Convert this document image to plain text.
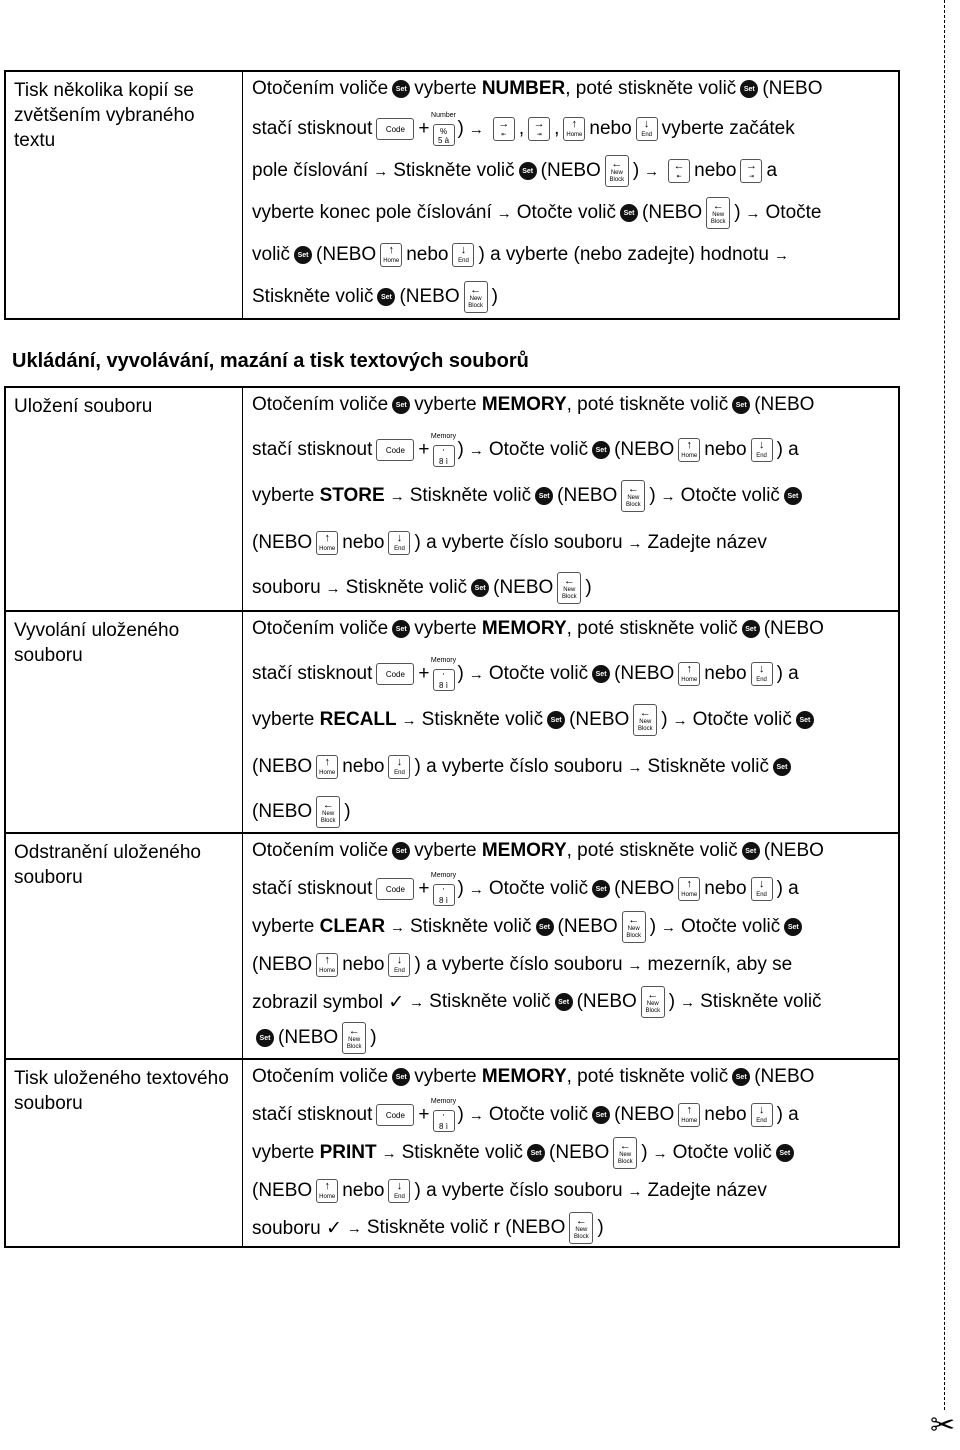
✂
Tisk několika kopií se zvětšením vybraného textu
Otočením voliče	Set vyberte NUMBER, poté stiskněte volič	Set (NEBO
stačí stisknout	Code +
Number
%
5 à
) →	→
⇤ , →
⇥ ,	↑
Home nebo	↓
End vyberte začátek
pole číslování → Stiskněte volič	Set (NEBO ←
New
Block ) →	←
⇤ nebo →
⇥ a
vyberte konec pole číslování → Otočte volič	Set (NEBO ←
New
Block ) → Otočte
volič	Set (NEBO	↑
Home nebo	↓
End ) a vyberte (nebo zadejte) hodnotu →
Stiskněte volič	Set (NEBO ←
New
Block )
Ukládání, vyvolávání, mazání a tisk textových souborů
Uložení souboru	Otočením voliče	Set vyberte MEMORY, poté tiskněte volič	Set (NEBO
stačí stisknout	Code +
Memory
'
8 ì
) → Otočte volič	Set (NEBO	↑
Home nebo	↓
End ) a
vyberte STORE → Stiskněte volič	Set (NEBO ←
New
Block ) → Otočte volič	Set
(NEBO	↑
Home nebo	↓
End ) a vyberte číslo souboru → Zadejte název
souboru → Stiskněte volič	Set (NEBO ←
New
Block )
Vyvolání uloženého souboru
Otočením voliče	Set vyberte MEMORY, poté stiskněte volič	Set (NEBO
stačí stisknout	Code +
Memory
'
8 ì
) → Otočte volič	Set (NEBO	↑
Home nebo	↓
End ) a
vyberte RECALL → Stiskněte volič	Set (NEBO ←
New
Block ) → Otočte volič	Set
(NEBO	↑
Home nebo	↓
End ) a vyberte číslo souboru → Stiskněte volič	Set
(NEBO ←
New
Block )
Odstranění uloženého souboru
Otočením voliče	Set vyberte MEMORY, poté stiskněte volič	Set (NEBO
stačí stisknout	Code +
Memory
'
8 ì
) → Otočte volič	Set (NEBO	↑
Home nebo	↓
End ) a
vyberte CLEAR → Stiskněte volič	Set (NEBO ←
New
Block ) → Otočte volič	Set
(NEBO	↑
Home nebo	↓
End ) a vyberte číslo souboru → mezerník, aby se
zobrazil symbol ✓ → Stiskněte volič	Set (NEBO ←
New
Block ) → Stiskněte volič
Set (NEBO ←
New
Block )
Tisk uloženého textového souboru
Otočením voliče	Set vyberte MEMORY, poté tiskněte volič	Set (NEBO
stačí stisknout	Code +
Memory
'
8 ì
) → Otočte volič	Set (NEBO	↑
Home nebo	↓
End ) a
vyberte PRINT → Stiskněte volič	Set (NEBO ←
New
Block ) → Otočte volič	Set
(NEBO	↑
Home nebo	↓
End ) a vyberte číslo souboru → Zadejte název
souboru ✓ → Stiskněte volič r (NEBO ←
New
Block )
